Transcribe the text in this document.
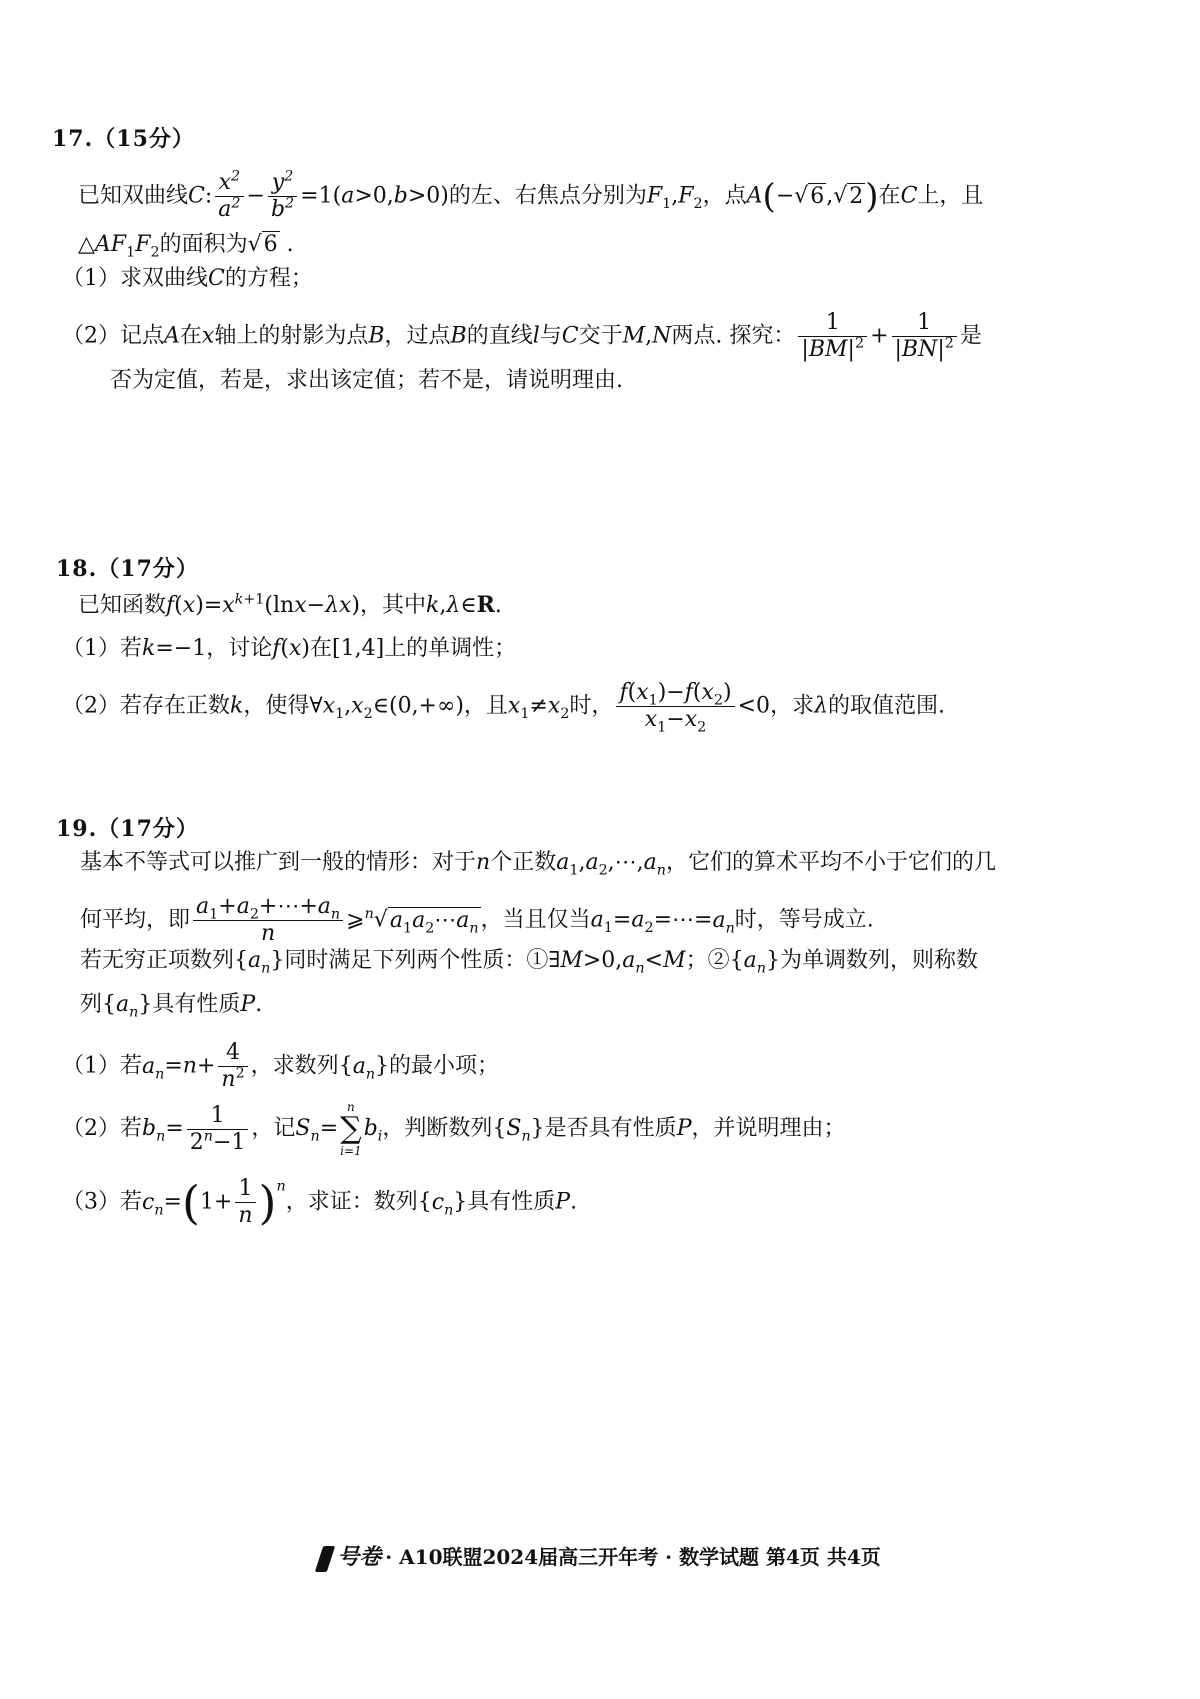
17.（15分）
已知双曲线C: $\frac{x^2}{a^2} - \frac{y^2}{b^2} =1(a>0,b>0)$的左、右焦点分别为$F_1,F_2$，点A(−√6,√2)在C上，且
$\triangle AF_1F_2$的面积为√6 .
（1）求双曲线C的方程；
（2）记点A在x轴上的射影为点B，过点B的直线l与C交于M,N两点. 探究： $\frac{1}{|BM|^2} + \frac{1}{|BN|^2}$ 是
否为定值，若是，求出该定值；若不是，请说明理由.
18.（17分）
已知函数$f(x)=x^{k+1}(\ln x-\lambda x)$，其中k,λ∈R.
（1）若k=−1，讨论f(x)在[1,4]上的单调性；
（2）若存在正数k，使得$\forall x_1,x_2\in(0,+\infty)$，且$x_1\ne x_2$时， $\frac{f(x_1)-f(x_2)}{x_1-x_2} <0$，求λ的取值范围.
19.（17分）
基本不等式可以推广到一般的情形：对于n个正数$a_1,a_2,\cdots,a_n$，它们的算术平均不小于它们的几
何平均，即 $\frac{a_1+a_2+\cdots+a_n}{n}$ $⩾^n√a_1a_2\cdots a_n$，当且仅当$a_1=a_2=\cdots=a_n$时，等号成立.
若无穷正项数列$\{a_n\}$同时满足下列两个性质：$①\exists M>0,a_n<M$；$②\{a_n\}$为单调数列，则称数
列$\{a_n\}$具有性质P.
（1）若$a_n=n+ \frac{4}{n^2}$ ，求数列$\{a_n\}$的最小项；
（2）若$b_n= \frac{1}{2^n-1}$ ，记$S_n=$
n
∑
i=1
$b_i$，判断数列$\{S_n\}$是否具有性质P，并说明理由；
（3）若$c_n=(1+ \frac{1}{n} )^n$，求证：数列$\{c_n\}$具有性质P.
号卷 · A10联盟2024届高三开年考 · 数学试题 第4页 共4页
